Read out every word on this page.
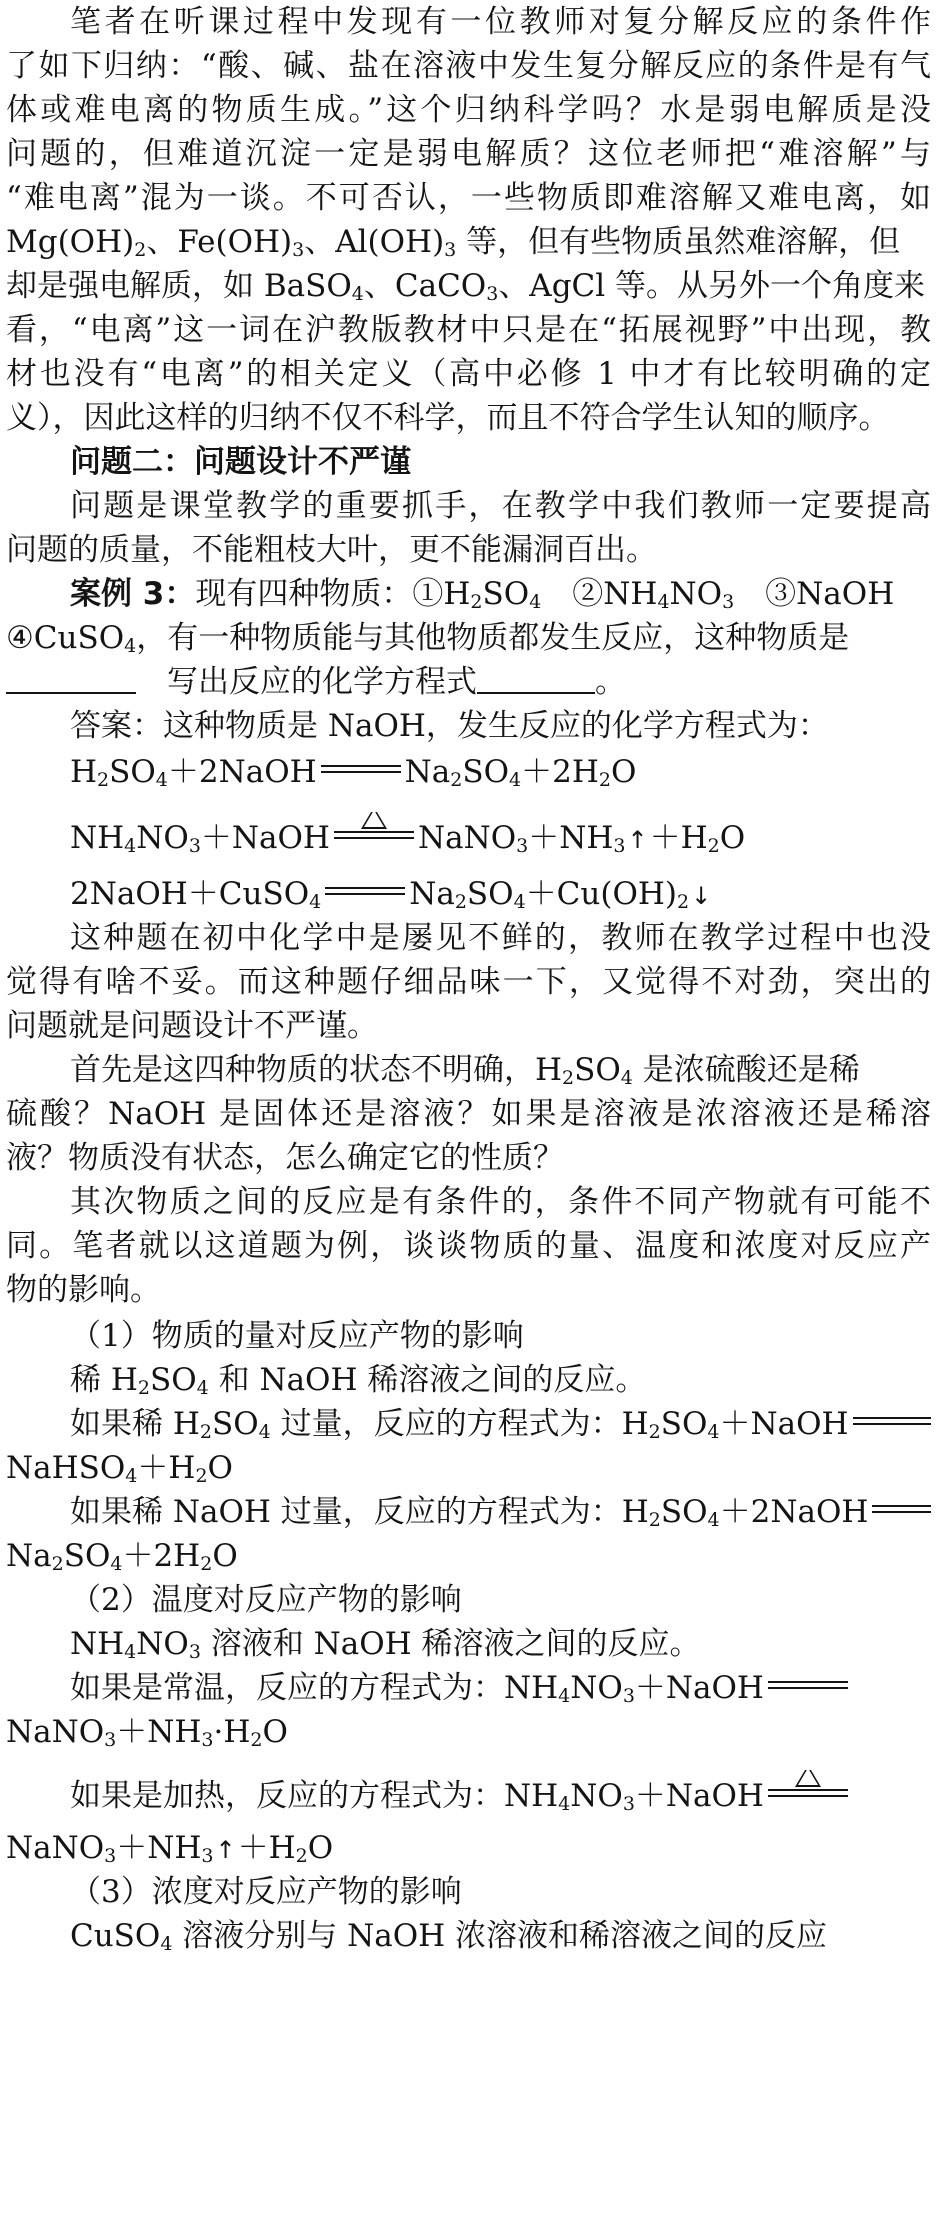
笔者在听课过程中发现有一位教师对复分解反应的条件作
了如下归纳：“酸、碱、盐在溶液中发生复分解反应的条件是有气
体或难电离的物质生成。”这个归纳科学吗？水是弱电解质是没
问题的，但难道沉淀一定是弱电解质？这位老师把“难溶解”与
“难电离”混为一谈。不可否认，一些物质即难溶解又难电离，如
$Mg(OH)_2$、$Fe(OH)_3$、$Al(OH)_3$ 等，但有些物质虽然难溶解，但
却是强电解质，如 BaSO$_4$、CaCO$_3$、AgCl 等。从另外一个角度来
看，“电离”这一词在沪教版教材中只是在“拓展视野”中出现，教
材也没有“电离”的相关定义（高中必修 1 中才有比较明确的定
义），因此这样的归纳不仅不科学，而且不符合学生认知的顺序。
问题二：问题设计不严谨
问题是课堂教学的重要抓手，在教学中我们教师一定要提高
问题的质量，不能粗枝大叶，更不能漏洞百出。
案例 3：现有四种物质：$①H_2SO_4$　$②NH_4NO_3$　③NaOH
④CuSO$_4$，有一种物质能与其他物质都发生反应，这种物质是
　写出反应的化学方程式	。
答案：这种物质是 NaOH，发生反应的化学方程式为：
$H_2SO_4+2NaOH$	$Na_2SO_4+2H_2O$
$NH_4NO_3+NaOH$	$NaNO_3+NH_3↑+H_2O$
2NaOH＋CuSO$_4$	$Na_2SO_4+Cu(OH)_2↓$
这种题在初中化学中是屡见不鲜的，教师在教学过程中也没
觉得有啥不妥。而这种题仔细品味一下，又觉得不对劲，突出的
问题就是问题设计不严谨。
首先是这四种物质的状态不明确，$H_2SO_4$ 是浓硫酸还是稀
硫酸？NaOH 是固体还是溶液？如果是溶液是浓溶液还是稀溶
液？物质没有状态，怎么确定它的性质？
其次物质之间的反应是有条件的，条件不同产物就有可能不
同。笔者就以这道题为例，谈谈物质的量、温度和浓度对反应产
物的影响。
（1）物质的量对反应产物的影响
稀 $H_2SO_4$ 和 NaOH 稀溶液之间的反应。
如果稀 $H_2SO_4$ 过量，反应的方程式为：$H_2SO_4+NaOH$
$NaHSO_4+H_2O$
如果稀 NaOH 过量，反应的方程式为：$H_2SO_4+2NaOH$
$Na_2SO_4+2H_2O$
（2）温度对反应产物的影响
$NH_4NO_3$ 溶液和 NaOH 稀溶液之间的反应。
如果是常温，反应的方程式为：$NH_4NO_3+NaOH$
$NaNO_3+NH_3\cdot H_2O$
如果是加热，反应的方程式为：$NH_4NO_3+NaOH$
$NaNO_3+NH_3↑+H_2O$
（3）浓度对反应产物的影响
CuSO$_4$ 溶液分别与 NaOH 浓溶液和稀溶液之间的反应
